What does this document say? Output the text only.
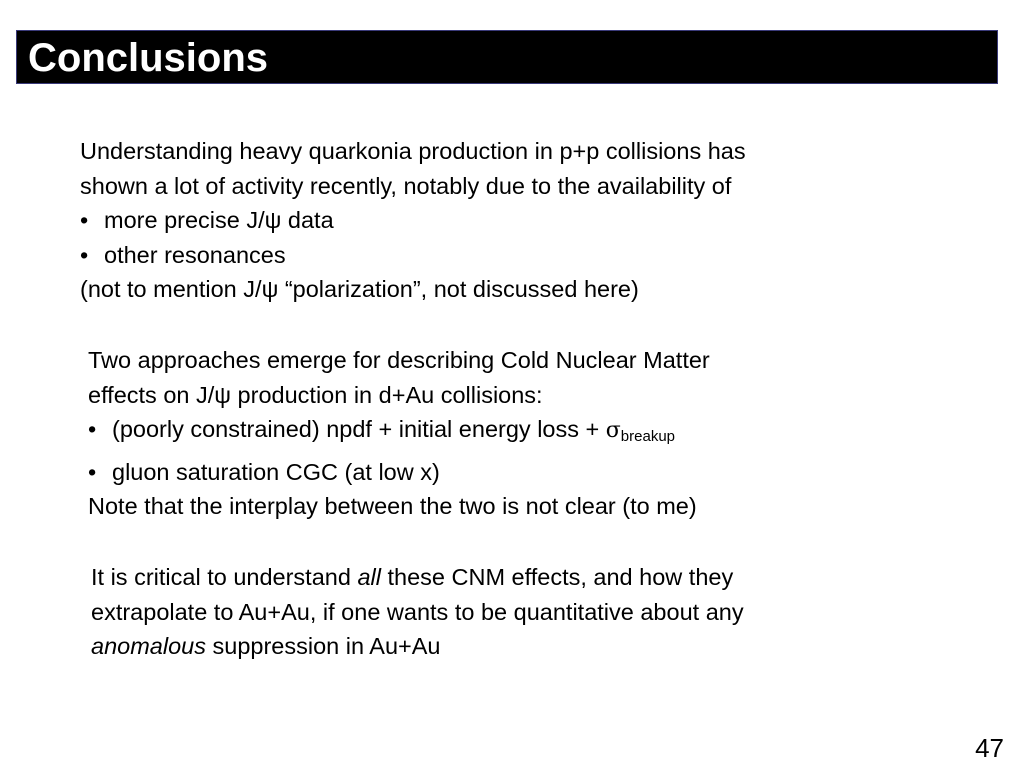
Conclusions
Understanding heavy quarkonia production in p+p collisions has
shown a lot of activity recently, notably due to the availability of
• more precise J/ψ data
• other resonances
(not to mention J/ψ “polarization”, not discussed here)
Two approaches emerge for describing Cold Nuclear Matter
effects on J/ψ production in d+Au collisions:
• (poorly constrained) npdf + initial energy loss + $\sigma_{breakup}$
• gluon saturation CGC (at low x)
Note that the interplay between the two is not clear (to me)
It is critical to understand all these CNM effects, and how they
extrapolate to Au+Au, if one wants to be quantitative about any
anomalous suppression in Au+Au
47
